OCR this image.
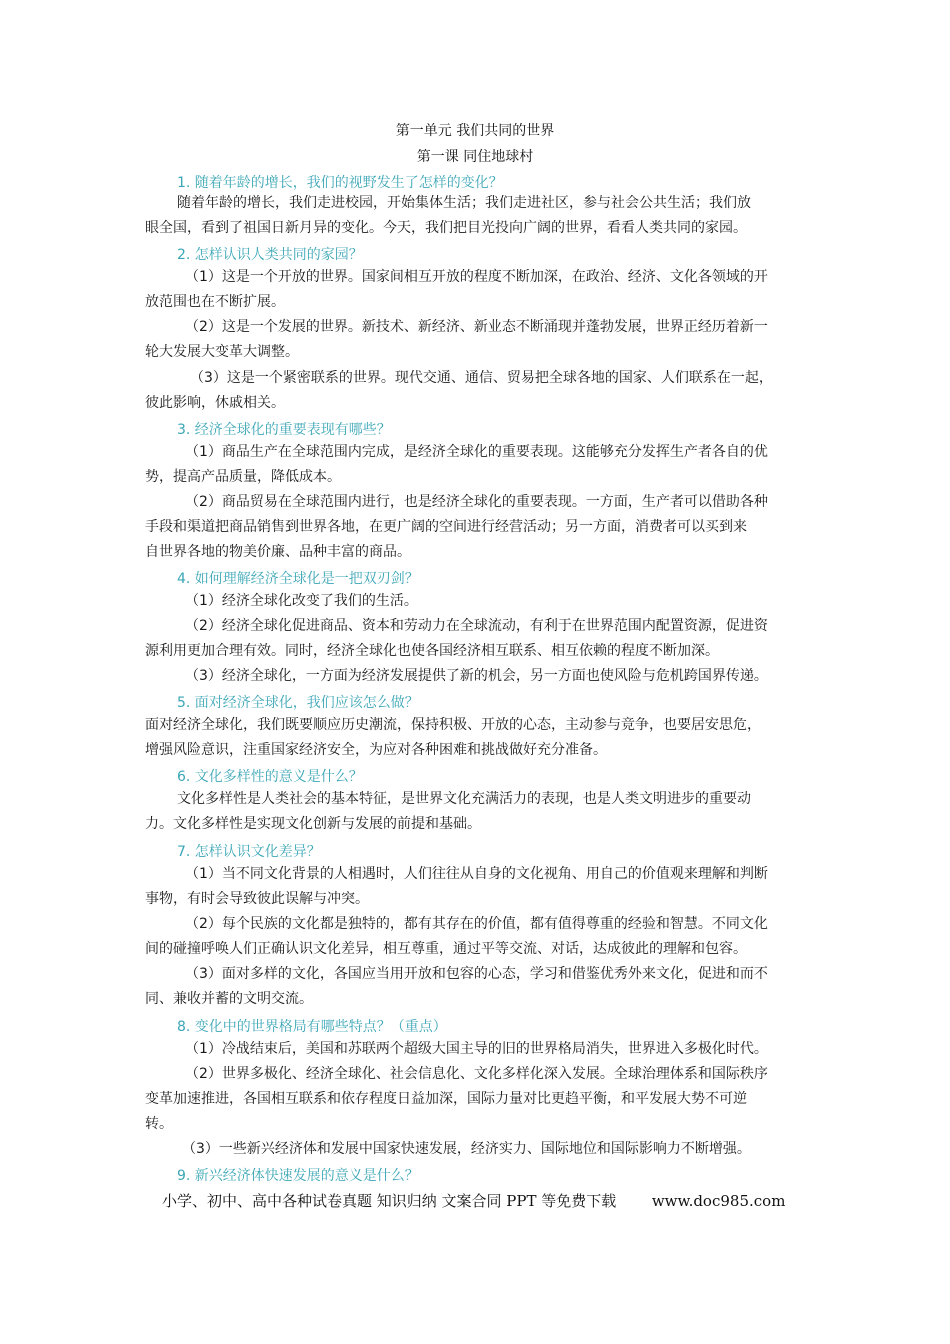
第一单元 我们共同的世界
第一课 同住地球村
1. 随着年龄的增长，我们的视野发生了怎样的变化？
随着年龄的增长，我们走进校园，开始集体生活；我们走进社区，参与社会公共生活；我们放
眼全国，看到了祖国日新月异的变化。今天，我们把目光投向广阔的世界，看看人类共同的家园。
2. 怎样认识人类共同的家园？
（1）这是一个开放的世界。国家间相互开放的程度不断加深，在政治、经济、文化各领域的开
放范围也在不断扩展。
（2）这是一个发展的世界。新技术、新经济、新业态不断涌现并蓬勃发展，世界正经历着新一
轮大发展大变革大调整。
（3）这是一个紧密联系的世界。现代交通、通信、贸易把全球各地的国家、人们联系在一起，
彼此影响，休戚相关。
3. 经济全球化的重要表现有哪些？
（1）商品生产在全球范围内完成，是经济全球化的重要表现。这能够充分发挥生产者各自的优
势，提高产品质量，降低成本。
（2）商品贸易在全球范围内进行，也是经济全球化的重要表现。一方面，生产者可以借助各种
手段和渠道把商品销售到世界各地，在更广阔的空间进行经营活动；另一方面，消费者可以买到来
自世界各地的物美价廉、品种丰富的商品。
4. 如何理解经济全球化是一把双刃剑？
（1）经济全球化改变了我们的生活。
（2）经济全球化促进商品、资本和劳动力在全球流动，有利于在世界范围内配置资源，促进资
源利用更加合理有效。同时，经济全球化也使各国经济相互联系、相互依赖的程度不断加深。
（3）经济全球化，一方面为经济发展提供了新的机会，另一方面也使风险与危机跨国界传递。
5. 面对经济全球化，我们应该怎么做？
面对经济全球化，我们既要顺应历史潮流，保持积极、开放的心态，主动参与竞争，也要居安思危，
增强风险意识，注重国家经济安全，为应对各种困难和挑战做好充分准备。
6. 文化多样性的意义是什么？
文化多样性是人类社会的基本特征，是世界文化充满活力的表现，也是人类文明进步的重要动
力。文化多样性是实现文化创新与发展的前提和基础。
7. 怎样认识文化差异？
（1）当不同文化背景的人相遇时，人们往往从自身的文化视角、用自己的价值观来理解和判断
事物，有时会导致彼此误解与冲突。
（2）每个民族的文化都是独特的，都有其存在的价值，都有值得尊重的经验和智慧。不同文化
间的碰撞呼唤人们正确认识文化差异，相互尊重，通过平等交流、对话，达成彼此的理解和包容。
（3）面对多样的文化，各国应当用开放和包容的心态，学习和借鉴优秀外来文化，促进和而不
同、兼收并蓄的文明交流。
8. 变化中的世界格局有哪些特点？（重点）
（1）冷战结束后，美国和苏联两个超级大国主导的旧的世界格局消失，世界进入多极化时代。
（2）世界多极化、经济全球化、社会信息化、文化多样化深入发展。全球治理体系和国际秩序
变革加速推进，各国相互联系和依存程度日益加深，国际力量对比更趋平衡，和平发展大势不可逆
转。
（3）一些新兴经济体和发展中国家快速发展，经济实力、国际地位和国际影响力不断增强。
9. 新兴经济体快速发展的意义是什么？
小学、初中、高中各种试卷真题 知识归纳 文案合同 PPT 等免费下载 www.doc985.com
